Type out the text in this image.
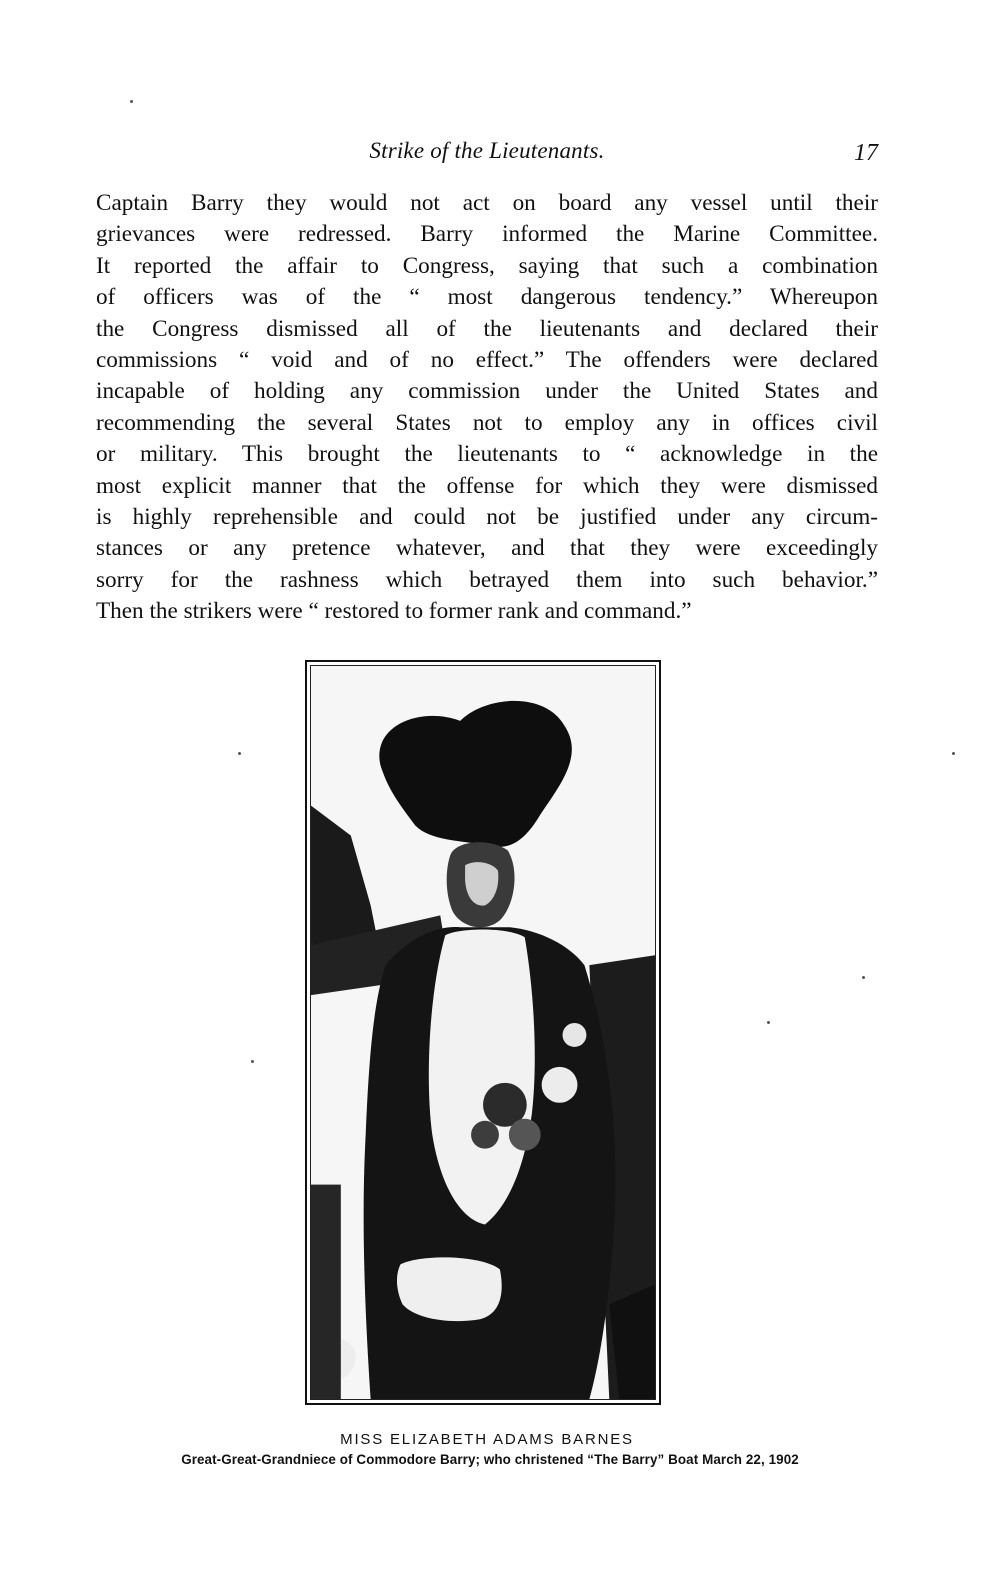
Strike of the Lieutenants.	17
Captain Barry they would not act on board any vessel until their
grievances were redressed. Barry informed the Marine Committee.
It reported the affair to Congress, saying that such a combination
of officers was of the “ most dangerous tendency.” Whereupon
the Congress dismissed all of the lieutenants and declared their
commissions “ void and of no effect.” The offenders were declared
incapable of holding any commission under the United States and
recommending the several States not to employ any in offices civil
or military. This brought the lieutenants to “ acknowledge in the
most explicit manner that the offense for which they were dismissed
is highly reprehensible and could not be justified under any circum-
stances or any pretence whatever, and that they were exceedingly
sorry for the rashness which betrayed them into such behavior.”
Then the strikers were “ restored to former rank and command.”
MISS ELIZABETH ADAMS BARNES
Great-Great-Grandniece of Commodore Barry; who christened “The Barry” Boat March 22, 1902
